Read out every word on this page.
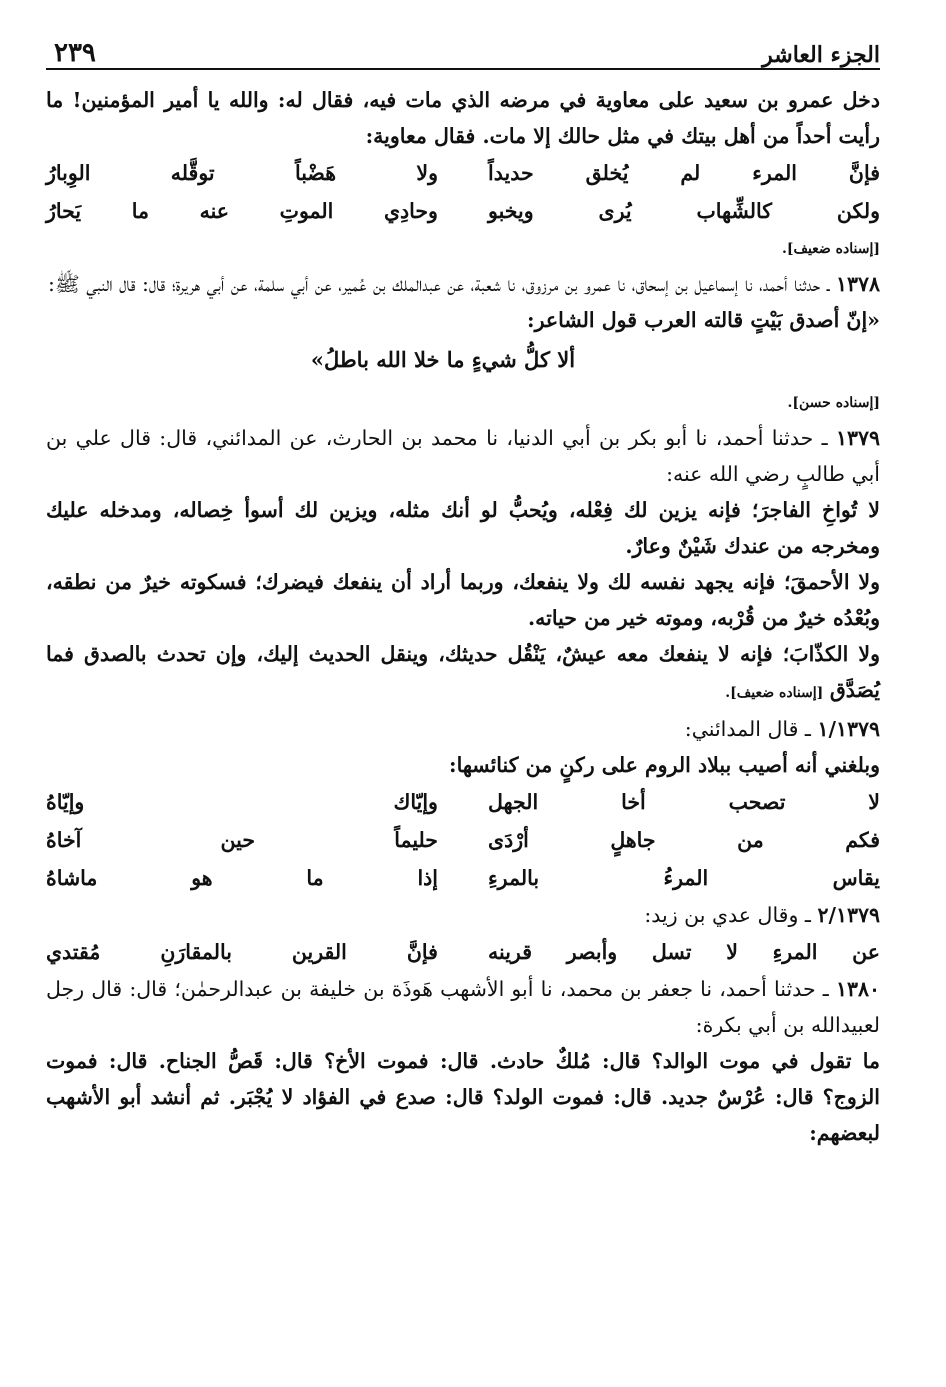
الجزء العاشر
٢٣٩

دخل عمرو بن سعيد على معاوية في مرضه الذي مات فيه، فقال له: والله يا أمير المؤمنين! ما رأيت أحداً من أهل بيتك في مثل حالك إلا مات. فقال معاوية:

فإنَّ المرء لم يُخلق حديداً
ولا هَضْباً توقَّله الوِبارُ
ولكن كالشِّهاب يُرى ويخبو
وحادِي الموتِ عنه ما يَحارُ
[إسناده ضعيف].

١٣٧٨ ـ حدثنا أحمد، نا إسماعيل بن إسحاق، نا عمرو بن مرزوق، نا شعبة، عن عبدالملك بن عُمير، عن أبي سلمة، عن أبي هريرة؛ قال: قال النبي ﷺ:

«إنّ أصدق بَيْتٍ قالته العرب قول الشاعر:

ألا كلُّ شيءٍ ما خلا الله باطلُ»
[إسناده حسن].

١٣٧٩ ـ حدثنا أحمد، نا أبو بكر بن أبي الدنيا، نا محمد بن الحارث، عن المدائني، قال: قال علي بن أبي طالبٍ رضي الله عنه:

لا تُواخِ الفاجرَ؛ فإنه يزين لك فِعْله، ويُحبُّ لو أنك مثله، ويزين لك أسوأ خِصاله، ومدخله عليك ومخرجه من عندك شَيْنٌ وعارٌ.

ولا الأحمقَ؛ فإنه يجهد نفسه لك ولا ينفعك، وربما أراد أن ينفعك فيضرك؛ فسكوته خيرٌ من نطقه، وبُعْدُه خيرٌ من قُرْبه، وموته خير من حياته.

ولا الكذّابَ؛ فإنه لا ينفعك معه عيشٌ، يَنْقُل حديثك، وينقل الحديث إليك، وإن تحدث بالصدق فما يُصَدَّق [إسناده ضعيف].

١/١٣٧٩ ـ قال المدائني:

وبلغني أنه أصيب ببلاد الروم على ركنٍ من كنائسها:

لا تصحب أخا الجهل
وإيّاك وإيّاهُ
فكم من جاهلٍ أرْدَى
حليماً حين آخاهُ
يقاس المرءُ بالمرءِ
إذا ما هو ماشاهُ

٢/١٣٧٩ ـ وقال عدي بن زيد:

عن المرءِ لا تسل وأبصر قرينه
فإنَّ القرين بالمقارَنِ مُقتدي

١٣٨٠ ـ حدثنا أحمد، نا جعفر بن محمد، نا أبو الأشهب هَوذَة بن خليفة بن عبدالرحمٰن؛ قال: قال رجل لعبيدالله بن أبي بكرة:

ما تقول في موت الوالد؟ قال: مُلكٌ حادث. قال: فموت الأخ؟ قال: قَصُّ الجناح. قال: فموت الزوج؟ قال: عُرْسٌ جديد. قال: فموت الولد؟ قال: صدع في الفؤاد لا يُجْبَر. ثم أنشد أبو الأشهب لبعضهم:
